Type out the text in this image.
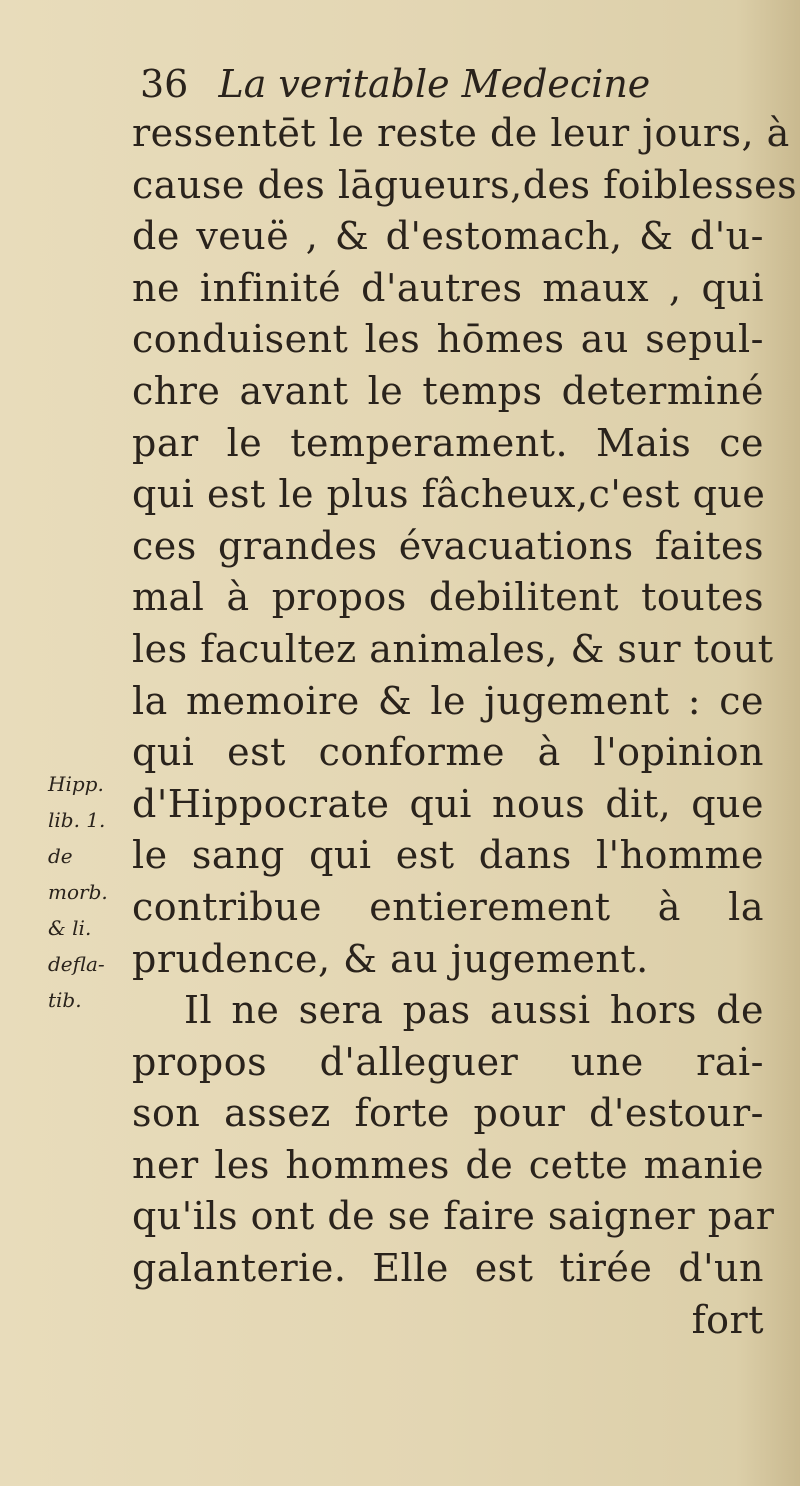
36 La veritable Medecine
ressentēt le reste de leur jours, à
cause des lāgueurs,des foiblesses
de veuë , & d'estomach, & d'u-
ne infinité d'autres maux , qui
conduisent les hōmes au sepul-
chre avant le temps determiné
par le temperament. Mais ce
qui est le plus fâcheux,c'est que
ces grandes évacuations faites
mal à propos debilitent toutes
les facultez animales, & sur tout
la memoire & le jugement : ce
qui est conforme à l'opinion
d'Hippocrate qui nous dit, que
le sang qui est dans l'homme
contribue entierement à la
prudence, & au jugement.
Il ne sera pas aussi hors de
propos d'alleguer une rai-
son assez forte pour d'estour-
ner les hommes de cette manie
qu'ils ont de se faire saigner par
galanterie. Elle est tirée d'un
fort
Hipp.
lib. 1.
de
morb.
& li.
defla-
tib.
